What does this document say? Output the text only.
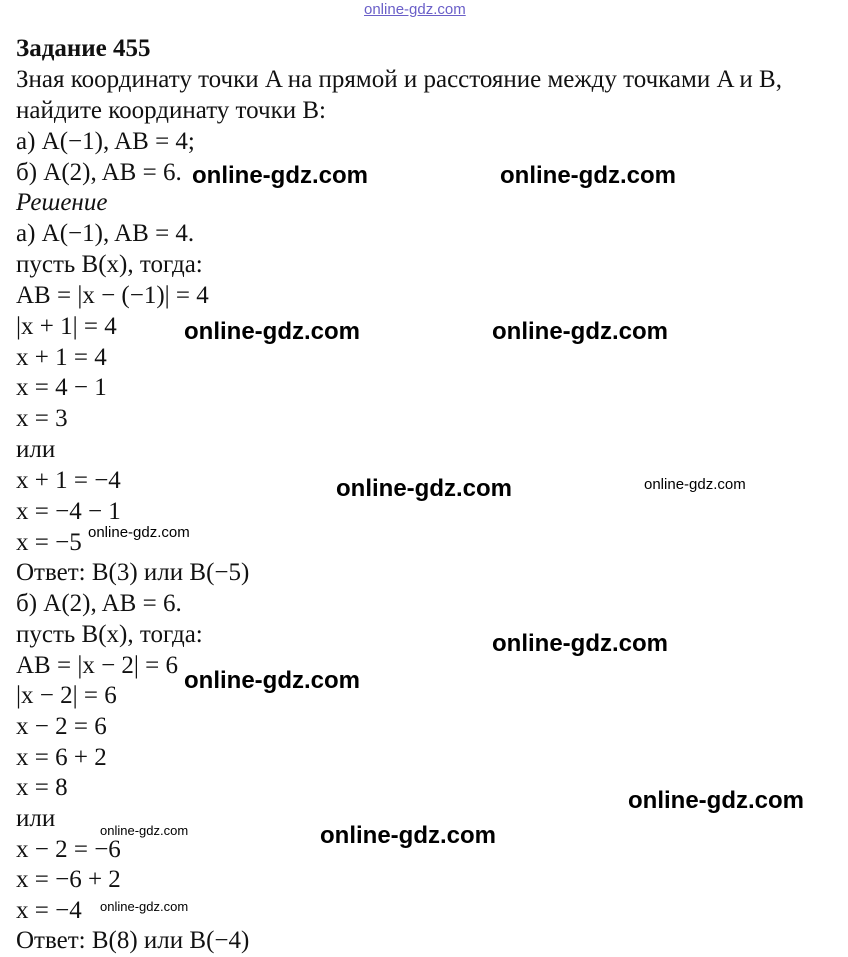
online-gdz.com
Задание 455
Зная координату точки A на прямой и расстояние между точками A и B,
найдите координату точки B:
а) A(−1), AB = 4;
б) A(2), AB = 6.
Решение
а) A(−1), AB = 4.
пусть B(x), тогда:
AB = |x − (−1)| = 4
|x + 1| = 4
x + 1 = 4
x = 4 − 1
x = 3
или
x + 1 = −4
x = −4 − 1
x = −5
Ответ: B(3) или B(−5)
б) A(2), AB = 6.
пусть B(x), тогда:
AB = |x − 2| = 6
|x − 2| = 6
x − 2 = 6
x = 6 + 2
x = 8
или
x − 2 = −6
x = −6 + 2
x = −4
Ответ: B(8) или B(−4)
online-gdz.com	online-gdz.com
online-gdz.com	online-gdz.com
online-gdz.com	online-gdz.com
online-gdz.com
online-gdz.com
online-gdz.com
online-gdz.com
online-gdz.com
online-gdz.com
online-gdz.com
